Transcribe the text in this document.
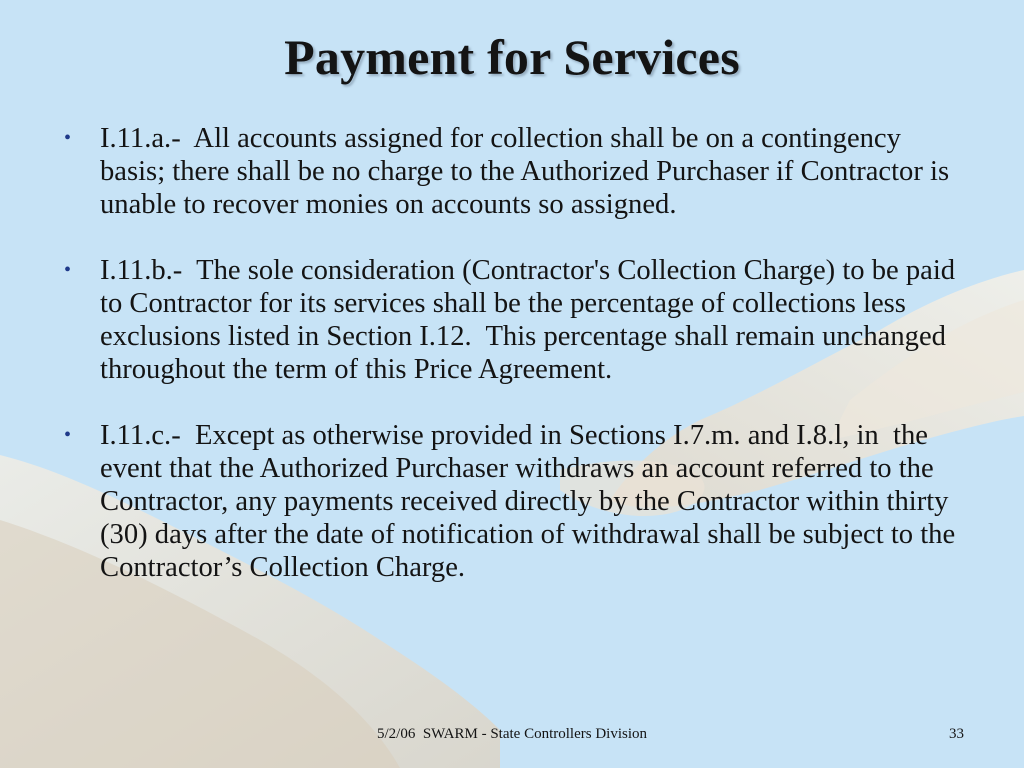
Payment for Services
• I.11.a.-  All accounts assigned for collection shall be on a contingency  basis; there shall be no charge to the Authorized Purchaser if Contractor is unable to recover monies on accounts so assigned.
• I.11.b.-  The sole consideration (Contractor's Collection Charge) to be paid to Contractor for its services shall be the percentage of collections less exclusions listed in Section I.12.  This percentage shall remain unchanged throughout the term of this Price Agreement.
• I.11.c.-  Except as otherwise provided in Sections I.7.m. and I.8.l, in  the event that the Authorized Purchaser withdraws an account referred to the Contractor, any payments received directly by the Contractor within thirty (30) days after the date of notification of withdrawal shall be subject to the Contractor’s Collection Charge.
5/2/06  SWARM - State Controllers Division	33
